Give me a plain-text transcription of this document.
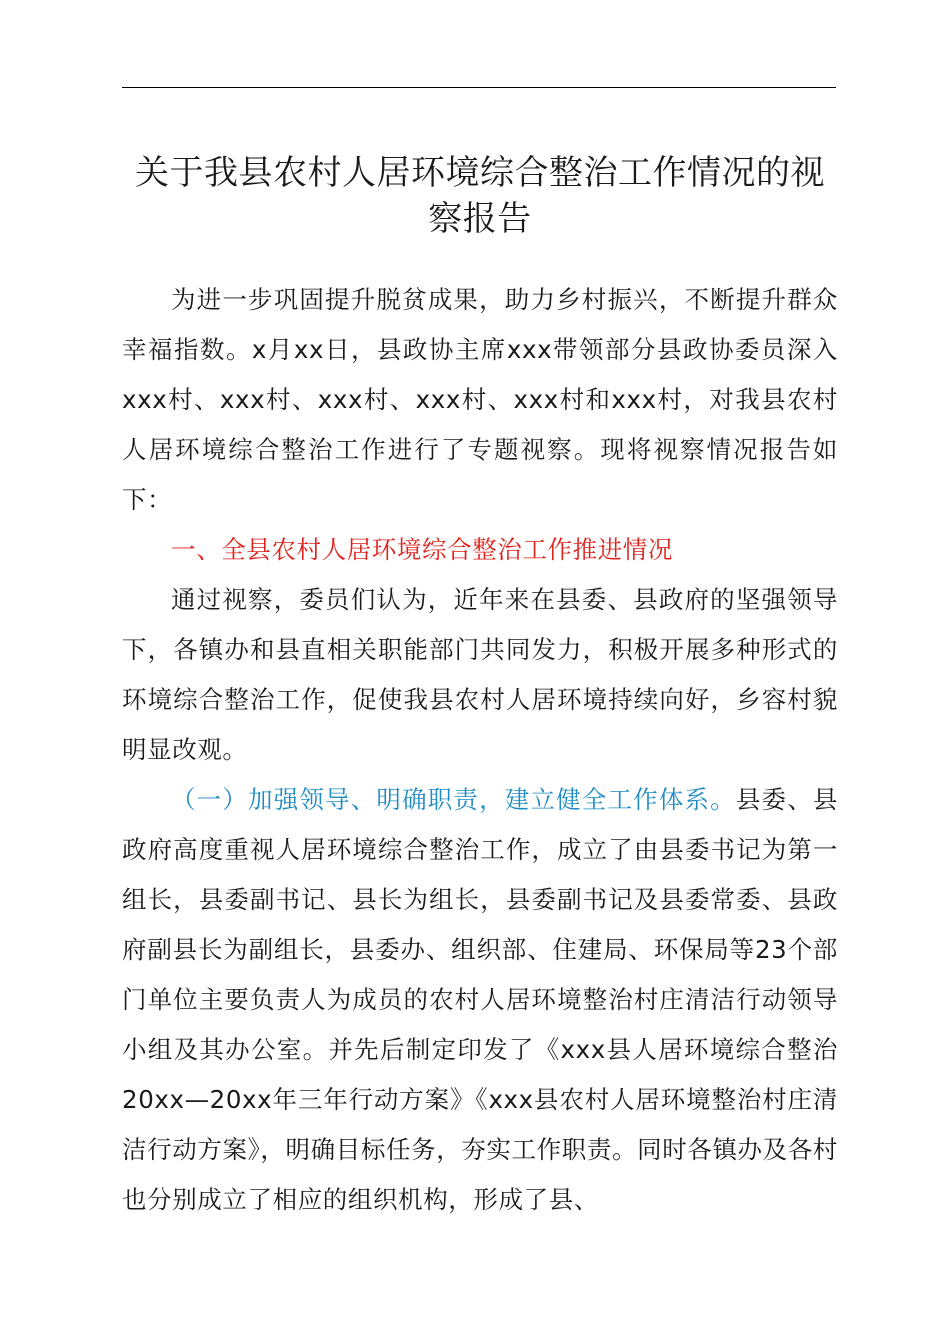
关于我县农村人居环境综合整治工作情况的视
察报告

为进一步巩固提升脱贫成果，助力乡村振兴，不断提升群众幸福指数。x月xx日，县政协主席xxx带领部分县政协委员深入xxx村、xxx村、xxx村、xxx村、xxx村和xxx村，对我县农村人居环境综合整治工作进行了专题视察。现将视察情况报告如下：

一、全县农村人居环境综合整治工作推进情况

通过视察，委员们认为，近年来在县委、县政府的坚强领导下，各镇办和县直相关职能部门共同发力，积极开展多种形式的环境综合整治工作，促使我县农村人居环境持续向好，乡容村貌明显改观。

（一）加强领导、明确职责，建立健全工作体系。县委、县政府高度重视人居环境综合整治工作，成立了由县委书记为第一组长，县委副书记、县长为组长，县委副书记及县委常委、县政府副县长为副组长，县委办、组织部、住建局、环保局等23个部门单位主要负责人为成员的农村人居环境整治村庄清洁行动领导小组及其办公室。并先后制定印发了《xxx县人居环境综合整治20xx—20xx年三年行动方案》《xxx县农村人居环境整治村庄清洁行动方案》，明确目标任务，夯实工作职责。同时各镇办及各村也分别成立了相应的组织机构，形成了县、
